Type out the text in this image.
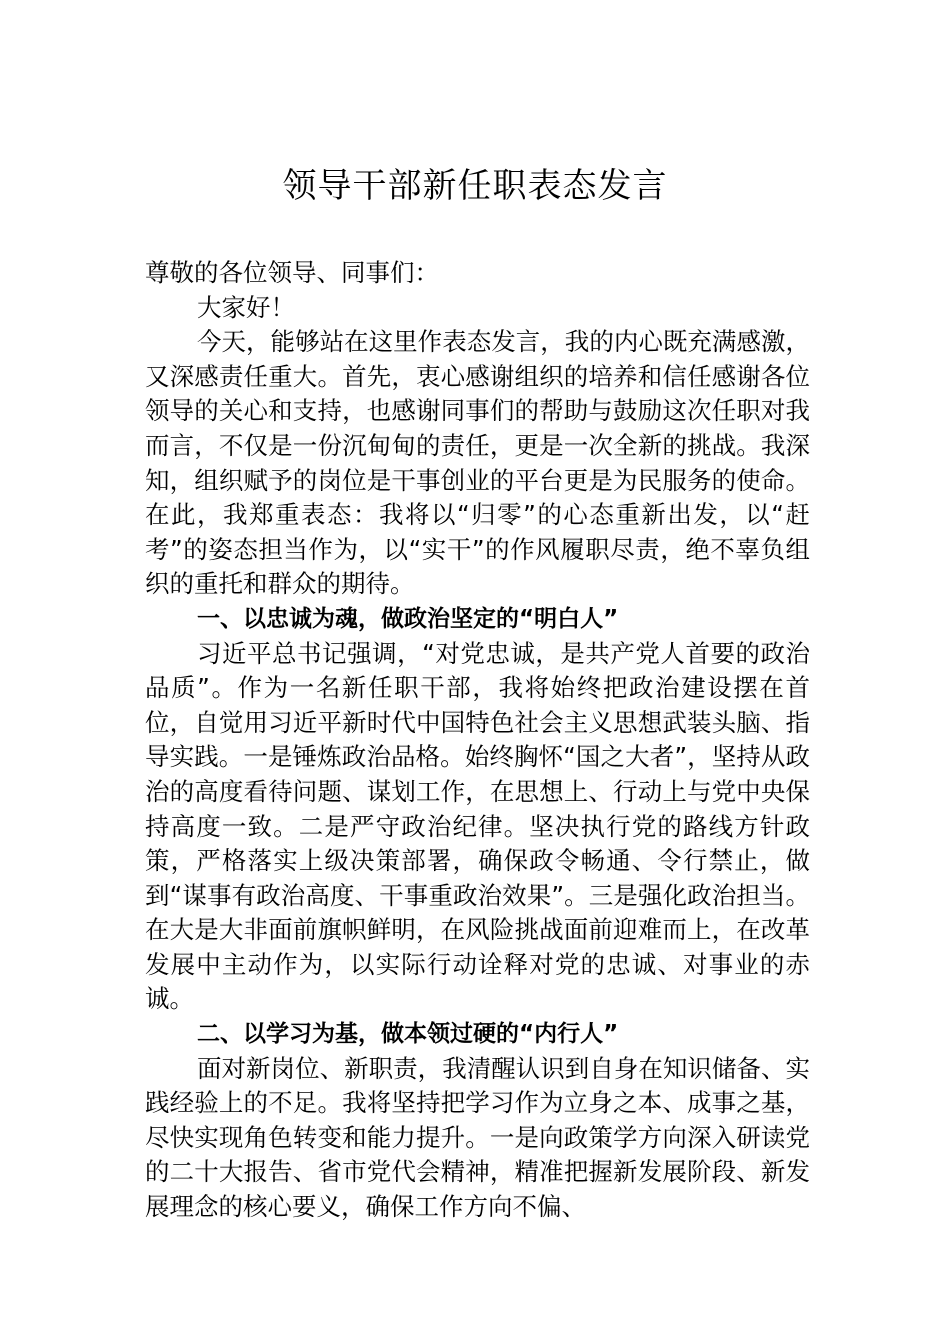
领导干部新任职表态发言

尊敬的各位领导、同事们：

大家好！

今天，能够站在这里作表态发言，我的内心既充满感激，又深感责任重大。首先，衷心感谢组织的培养和信任感谢各位领导的关心和支持，也感谢同事们的帮助与鼓励这次任职对我而言，不仅是一份沉甸甸的责任，更是一次全新的挑战。我深知，组织赋予的岗位是干事创业的平台更是为民服务的使命。在此，我郑重表态：我将以“归零”的心态重新出发，以“赶考”的姿态担当作为，以“实干”的作风履职尽责，绝不辜负组织的重托和群众的期待。

一、以忠诚为魂，做政治坚定的“明白人”

习近平总书记强调，“对党忠诚，是共产党人首要的政治品质”。作为一名新任职干部，我将始终把政治建设摆在首位，自觉用习近平新时代中国特色社会主义思想武装头脑、指导实践。一是锤炼政治品格。始终胸怀“国之大者”，坚持从政治的高度看待问题、谋划工作，在思想上、行动上与党中央保持高度一致。二是严守政治纪律。坚决执行党的路线方针政策，严格落实上级决策部署，确保政令畅通、令行禁止，做到“谋事有政治高度、干事重政治效果”。三是强化政治担当。在大是大非面前旗帜鲜明，在风险挑战面前迎难而上，在改革发展中主动作为，以实际行动诠释对党的忠诚、对事业的赤诚。

二、以学习为基，做本领过硬的“内行人”

面对新岗位、新职责，我清醒认识到自身在知识储备、实践经验上的不足。我将坚持把学习作为立身之本、成事之基，尽快实现角色转变和能力提升。一是向政策学方向深入研读党的二十大报告、省市党代会精神，精准把握新发展阶段、新发展理念的核心要义，确保工作方向不偏、
